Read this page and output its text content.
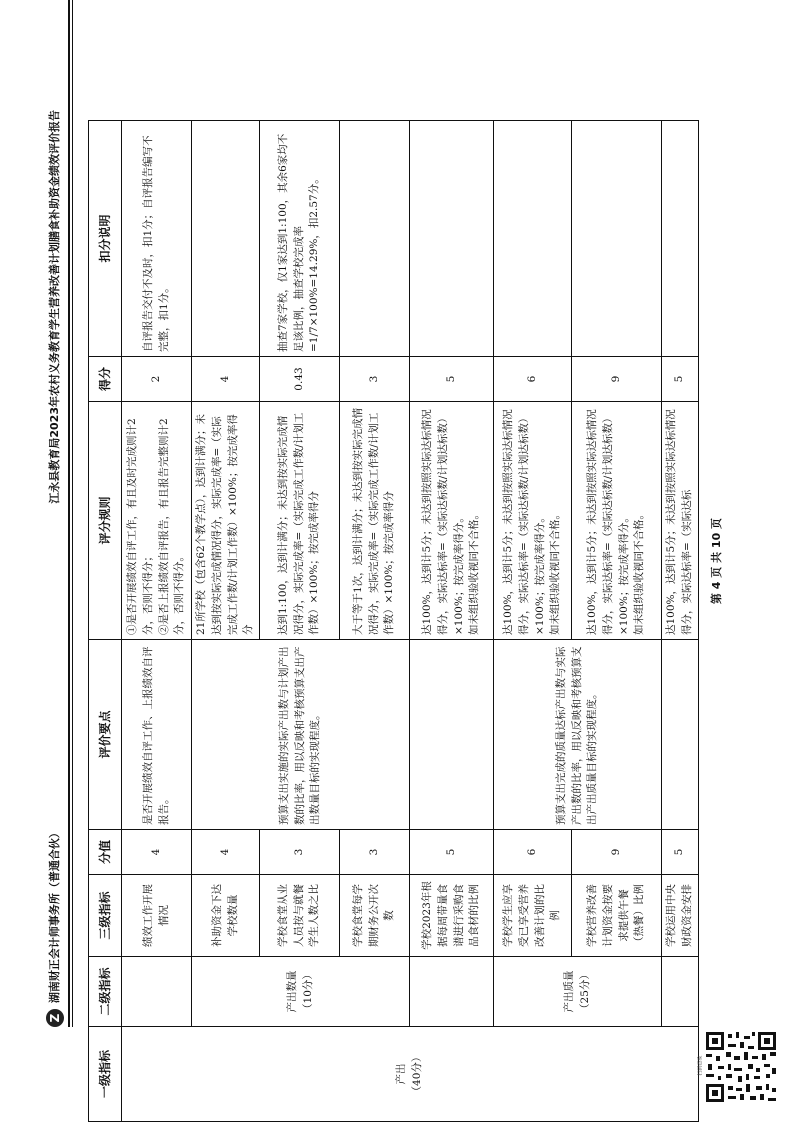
Z 湖南财正会计师事务所（普通合伙）
江永县教育局2023年农村义务教育学生营养改善计划膳食补助资金绩效评价报告
一级指标	二级指标	三级指标	分值	评价要点	评分规则	得分	扣分说明
产出
（40分）		绩效工作开展情况	4	是否开展绩效自评工作、上报绩效自评报告。	①是否开展绩效自评工作，有且及时完成则计2分，否则不得分；
②是否上报绩效自评报告，有且报告完整则计2分，否则不得分。	2	自评报告交付不及时，扣1分；自评报告编写不完整，扣1分。
	产出数量
（10分）	补助资金下达学校数量	4	预算支出实施的实际产出数与计划产出数的比率，用以反映和考核预算支出产出数量目标的实现程度。	21所学校（包含62个教学点），达到计满分；未达到按实际完成情况得分，实际完成率=（实际完成工作数/计划工作数）×100%；按完成率得分	4	
		学校食堂从业人员按与就餐学生人数之比	3		达到1:100，达到计满分；未达到按实际完成情况得分，实际完成率=（实际完成工作数/计划工作数）×100%；按完成率得分	0.43	抽查7家学校，仅1家达到1:100，其余6家均不足该比例，抽查学校完成率=1/7×100%=14.29%，扣2.57分。
		学校食堂每学期财务公开次数	3		大于等于1次，达到计满分；未达到按实际完成情况得分，实际完成率=（实际完成工作数/计划工作数）×100%；按完成率得分	3	
		学校2023年根据每周带量食谱进行采购食品食材的比例	5		达100%，达到计5分；未达到按照实际达标情况得分，实际达标率=（实际达标数/计划达标数）×100%；按完成率得分。
如未组织验收视同不合格。	5	
	产出质量
（25分）	学校学生应享受已享受营养改善计划的比例	6	预算支出完成的质量达标产出数与实际产出数的比率，用以反映和考核预算支出产出质量目标的实现程度。	达100%，达到计5分；未达到按照实际达标情况得分，实际达标率=（实际达标数/计划达标数）×100%；按完成率得分。
如未组织验收视同不合格。	6	
		学校营养改善计划资金按要求提供午餐（热餐）比例	9		达100%，达到计5分；未达到按照实际达标情况得分，实际达标率=（实际达标数/计划达标数）×100%；按完成率得分。
如未组织验收视同不合格。	9	
		学校运用中央财政资金安排	5		达100%，达到计5分；未达到按照实际达标情况得分，实际达标率=（实际达标	5	
第 4 页 共 10 页
扫码查验
